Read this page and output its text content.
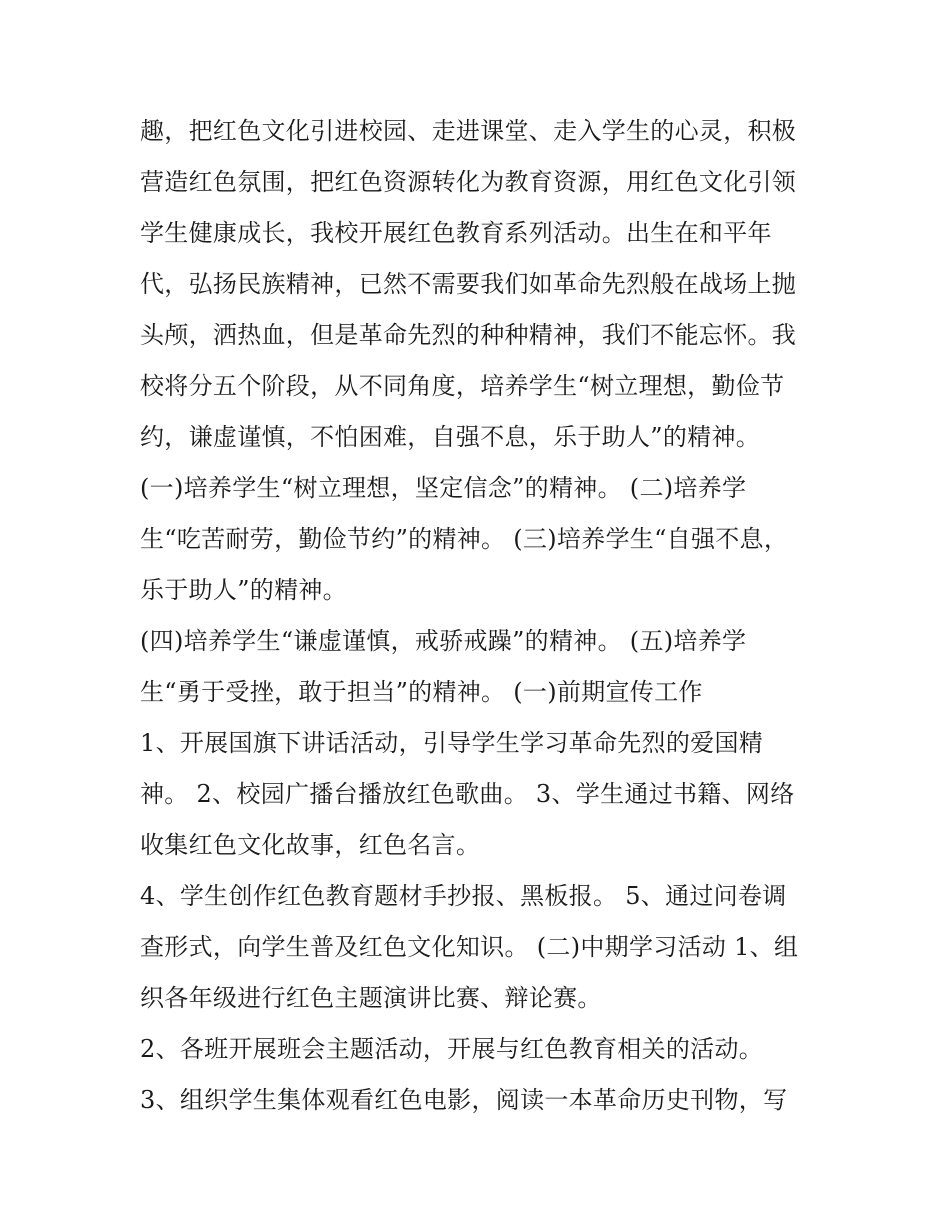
趣，把红色文化引进校园、走进课堂、走入学生的心灵，积极
营造红色氛围，把红色资源转化为教育资源，用红色文化引领
学生健康成长，我校开展红色教育系列活动。出生在和平年
代，弘扬民族精神，已然不需要我们如革命先烈般在战场上抛
头颅，洒热血，但是革命先烈的种种精神，我们不能忘怀。我
校将分五个阶段，从不同角度，培养学生“树立理想，勤俭节
约，谦虚谨慎，不怕困难，自强不息，乐于助人”的精神。
(一)培养学生“树立理想，坚定信念”的精神。 (二)培养学
生“吃苦耐劳，勤俭节约”的精神。 (三)培养学生“自强不息，
乐于助人”的精神。
(四)培养学生“谦虚谨慎，戒骄戒躁”的精神。 (五)培养学
生“勇于受挫，敢于担当”的精神。 (一)前期宣传工作
1、开展国旗下讲话活动，引导学生学习革命先烈的爱国精
神。 2、校园广播台播放红色歌曲。 3、学生通过书籍、网络
收集红色文化故事，红色名言。
4、学生创作红色教育题材手抄报、黑板报。 5、通过问卷调
查形式，向学生普及红色文化知识。 (二)中期学习活动 1、组
织各年级进行红色主题演讲比赛、辩论赛。
2、各班开展班会主题活动，开展与红色教育相关的活动。
3、组织学生集体观看红色电影，阅读一本革命历史刊物，写
